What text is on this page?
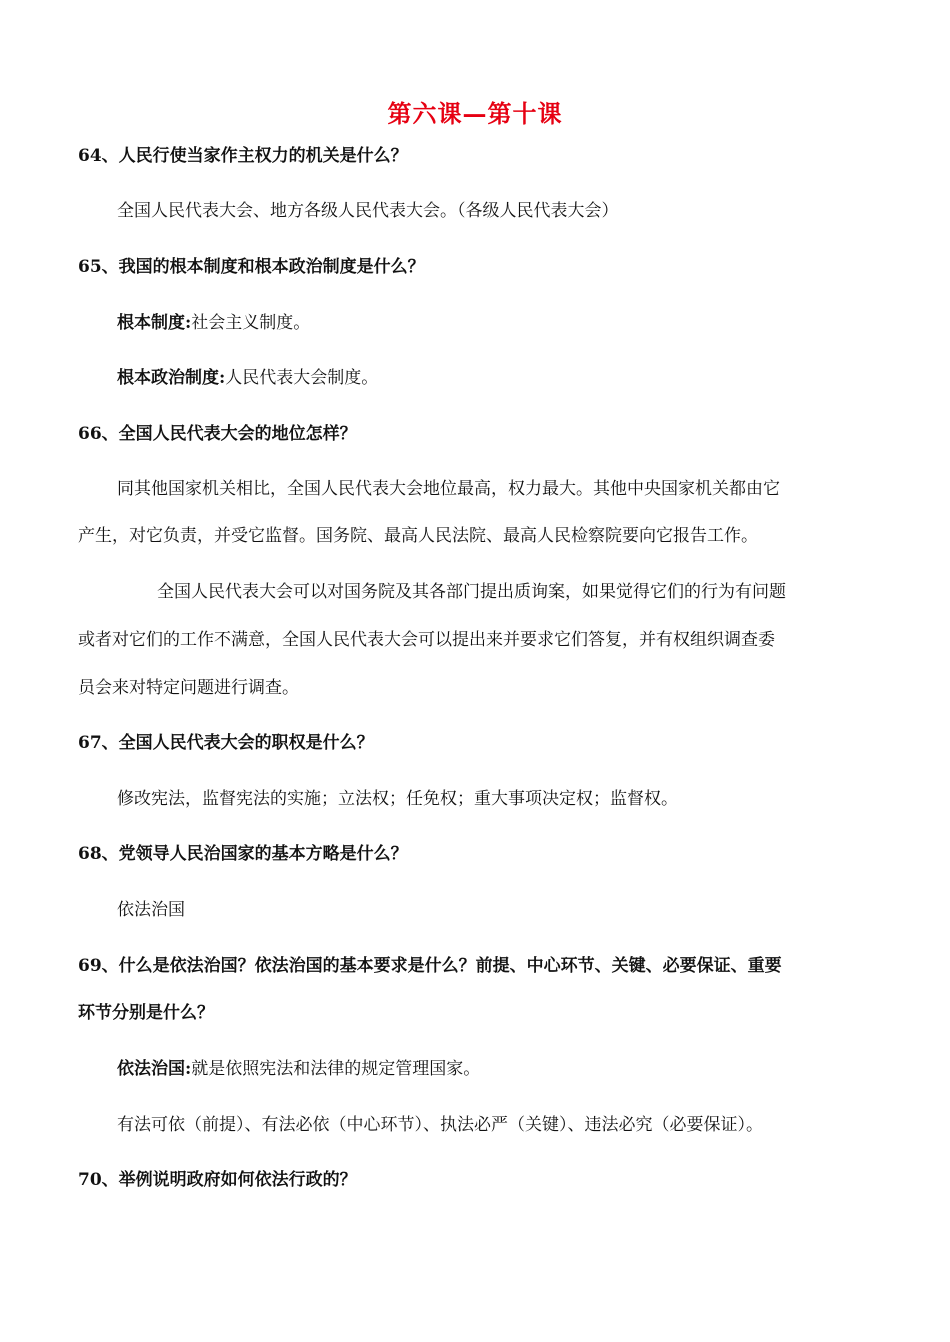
第六课—第十课
64、人民行使当家作主权力的机关是什么？
全国人民代表大会、地方各级人民代表大会。（各级人民代表大会）
65、我国的根本制度和根本政治制度是什么？
根本制度:社会主义制度。
根本政治制度:人民代表大会制度。
66、全国人民代表大会的地位怎样？
同其他国家机关相比，全国人民代表大会地位最高，权力最大。其他中央国家机关都由它
产生，对它负责，并受它监督。国务院、最高人民法院、最高人民检察院要向它报告工作。
全国人民代表大会可以对国务院及其各部门提出质询案，如果觉得它们的行为有问题
或者对它们的工作不满意，全国人民代表大会可以提出来并要求它们答复，并有权组织调查委
员会来对特定问题进行调查。
67、全国人民代表大会的职权是什么？
修改宪法，监督宪法的实施；立法权；任免权；重大事项决定权；监督权。
68、党领导人民治国家的基本方略是什么？
依法治国
69、什么是依法治国？依法治国的基本要求是什么？前提、中心环节、关键、必要保证、重要
环节分别是什么？
依法治国:就是依照宪法和法律的规定管理国家。
有法可依（前提）、有法必依（中心环节）、执法必严（关键）、违法必究（必要保证）。
70、举例说明政府如何依法行政的？
